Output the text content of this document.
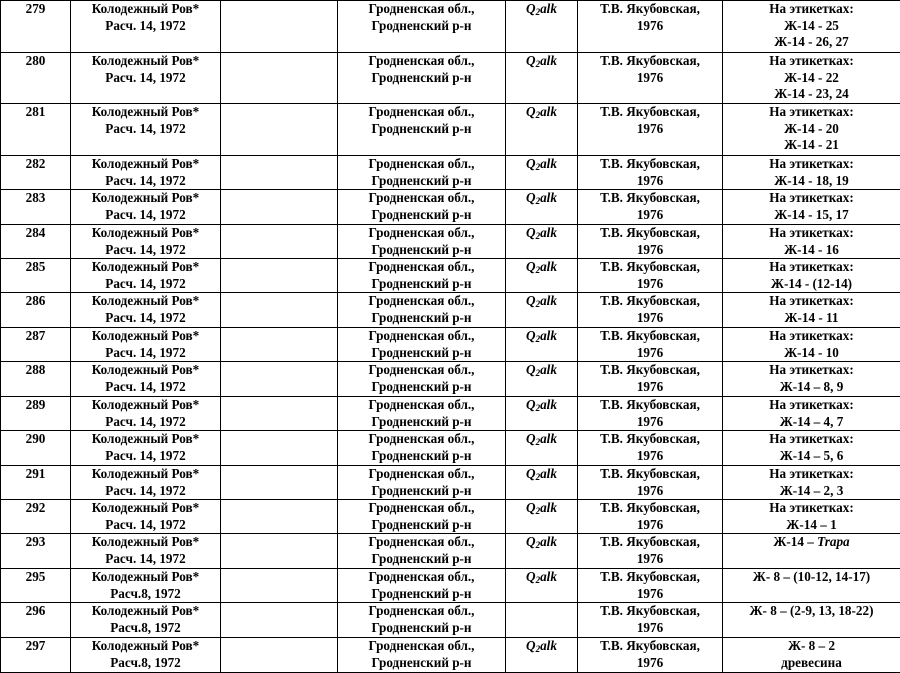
279	Колодежный Ров*
Расч. 14, 1972		Гродненская обл.,
Гродненский р-н	$Q_2alk$	Т.В. Якубовская,
1976	На этикетках:
Ж-14 - 25
Ж-14 - 26, 27

280	Колодежный Ров*
Расч. 14, 1972		Гродненская обл.,
Гродненский р-н	$Q_2alk$	Т.В. Якубовская,
1976	На этикетках:
Ж-14 - 22
Ж-14 - 23, 24

281	Колодежный Ров*
Расч. 14, 1972		Гродненская обл.,
Гродненский р-н	$Q_2alk$	Т.В. Якубовская,
1976	На этикетках:
Ж-14 - 20
Ж-14 - 21

282	Колодежный Ров*
Расч. 14, 1972		Гродненская обл.,
Гродненский р-н	$Q_2alk$	Т.В. Якубовская,
1976	На этикетках:
Ж-14 - 18, 19

283	Колодежный Ров*
Расч. 14, 1972		Гродненская обл.,
Гродненский р-н	$Q_2alk$	Т.В. Якубовская,
1976	На этикетках:
Ж-14 - 15, 17

284	Колодежный Ров*
Расч. 14, 1972		Гродненская обл.,
Гродненский р-н	$Q_2alk$	Т.В. Якубовская,
1976	На этикетках:
Ж-14 - 16

285	Колодежный Ров*
Расч. 14, 1972		Гродненская обл.,
Гродненский р-н	$Q_2alk$	Т.В. Якубовская,
1976	На этикетках:
Ж-14 - (12-14)

286	Колодежный Ров*
Расч. 14, 1972		Гродненская обл.,
Гродненский р-н	$Q_2alk$	Т.В. Якубовская,
1976	На этикетках:
Ж-14 - 11

287	Колодежный Ров*
Расч. 14, 1972		Гродненская обл.,
Гродненский р-н	$Q_2alk$	Т.В. Якубовская,
1976	На этикетках:
Ж-14 - 10

288	Колодежный Ров*
Расч. 14, 1972		Гродненская обл.,
Гродненский р-н	$Q_2alk$	Т.В. Якубовская,
1976	На этикетках:
Ж-14 – 8, 9

289	Колодежный Ров*
Расч. 14, 1972		Гродненская обл.,
Гродненский р-н	$Q_2alk$	Т.В. Якубовская,
1976	На этикетках:
Ж-14 – 4, 7

290	Колодежный Ров*
Расч. 14, 1972		Гродненская обл.,
Гродненский р-н	$Q_2alk$	Т.В. Якубовская,
1976	На этикетках:
Ж-14 – 5, 6

291	Колодежный Ров*
Расч. 14, 1972		Гродненская обл.,
Гродненский р-н	$Q_2alk$	Т.В. Якубовская,
1976	На этикетках:
Ж-14 – 2, 3

292	Колодежный Ров*
Расч. 14, 1972		Гродненская обл.,
Гродненский р-н	$Q_2alk$	Т.В. Якубовская,
1976	На этикетках:
Ж-14 – 1

293	Колодежный Ров*
Расч. 14, 1972		Гродненская обл.,
Гродненский р-н	$Q_2alk$	Т.В. Якубовская,
1976	Ж-14 – Trapa

295	Колодежный Ров*
Расч.8, 1972		Гродненская обл.,
Гродненский р-н	$Q_2alk$	Т.В. Якубовская,
1976	Ж- 8 – (10-12, 14-17)

296	Колодежный Ров*
Расч.8, 1972		Гродненская обл.,
Гродненский р-н		Т.В. Якубовская,
1976	Ж- 8 – (2-9, 13, 18-22)

297	Колодежный Ров*
Расч.8, 1972		Гродненская обл.,
Гродненский р-н	$Q_2alk$	Т.В. Якубовская,
1976	Ж- 8 – 2
древесина
